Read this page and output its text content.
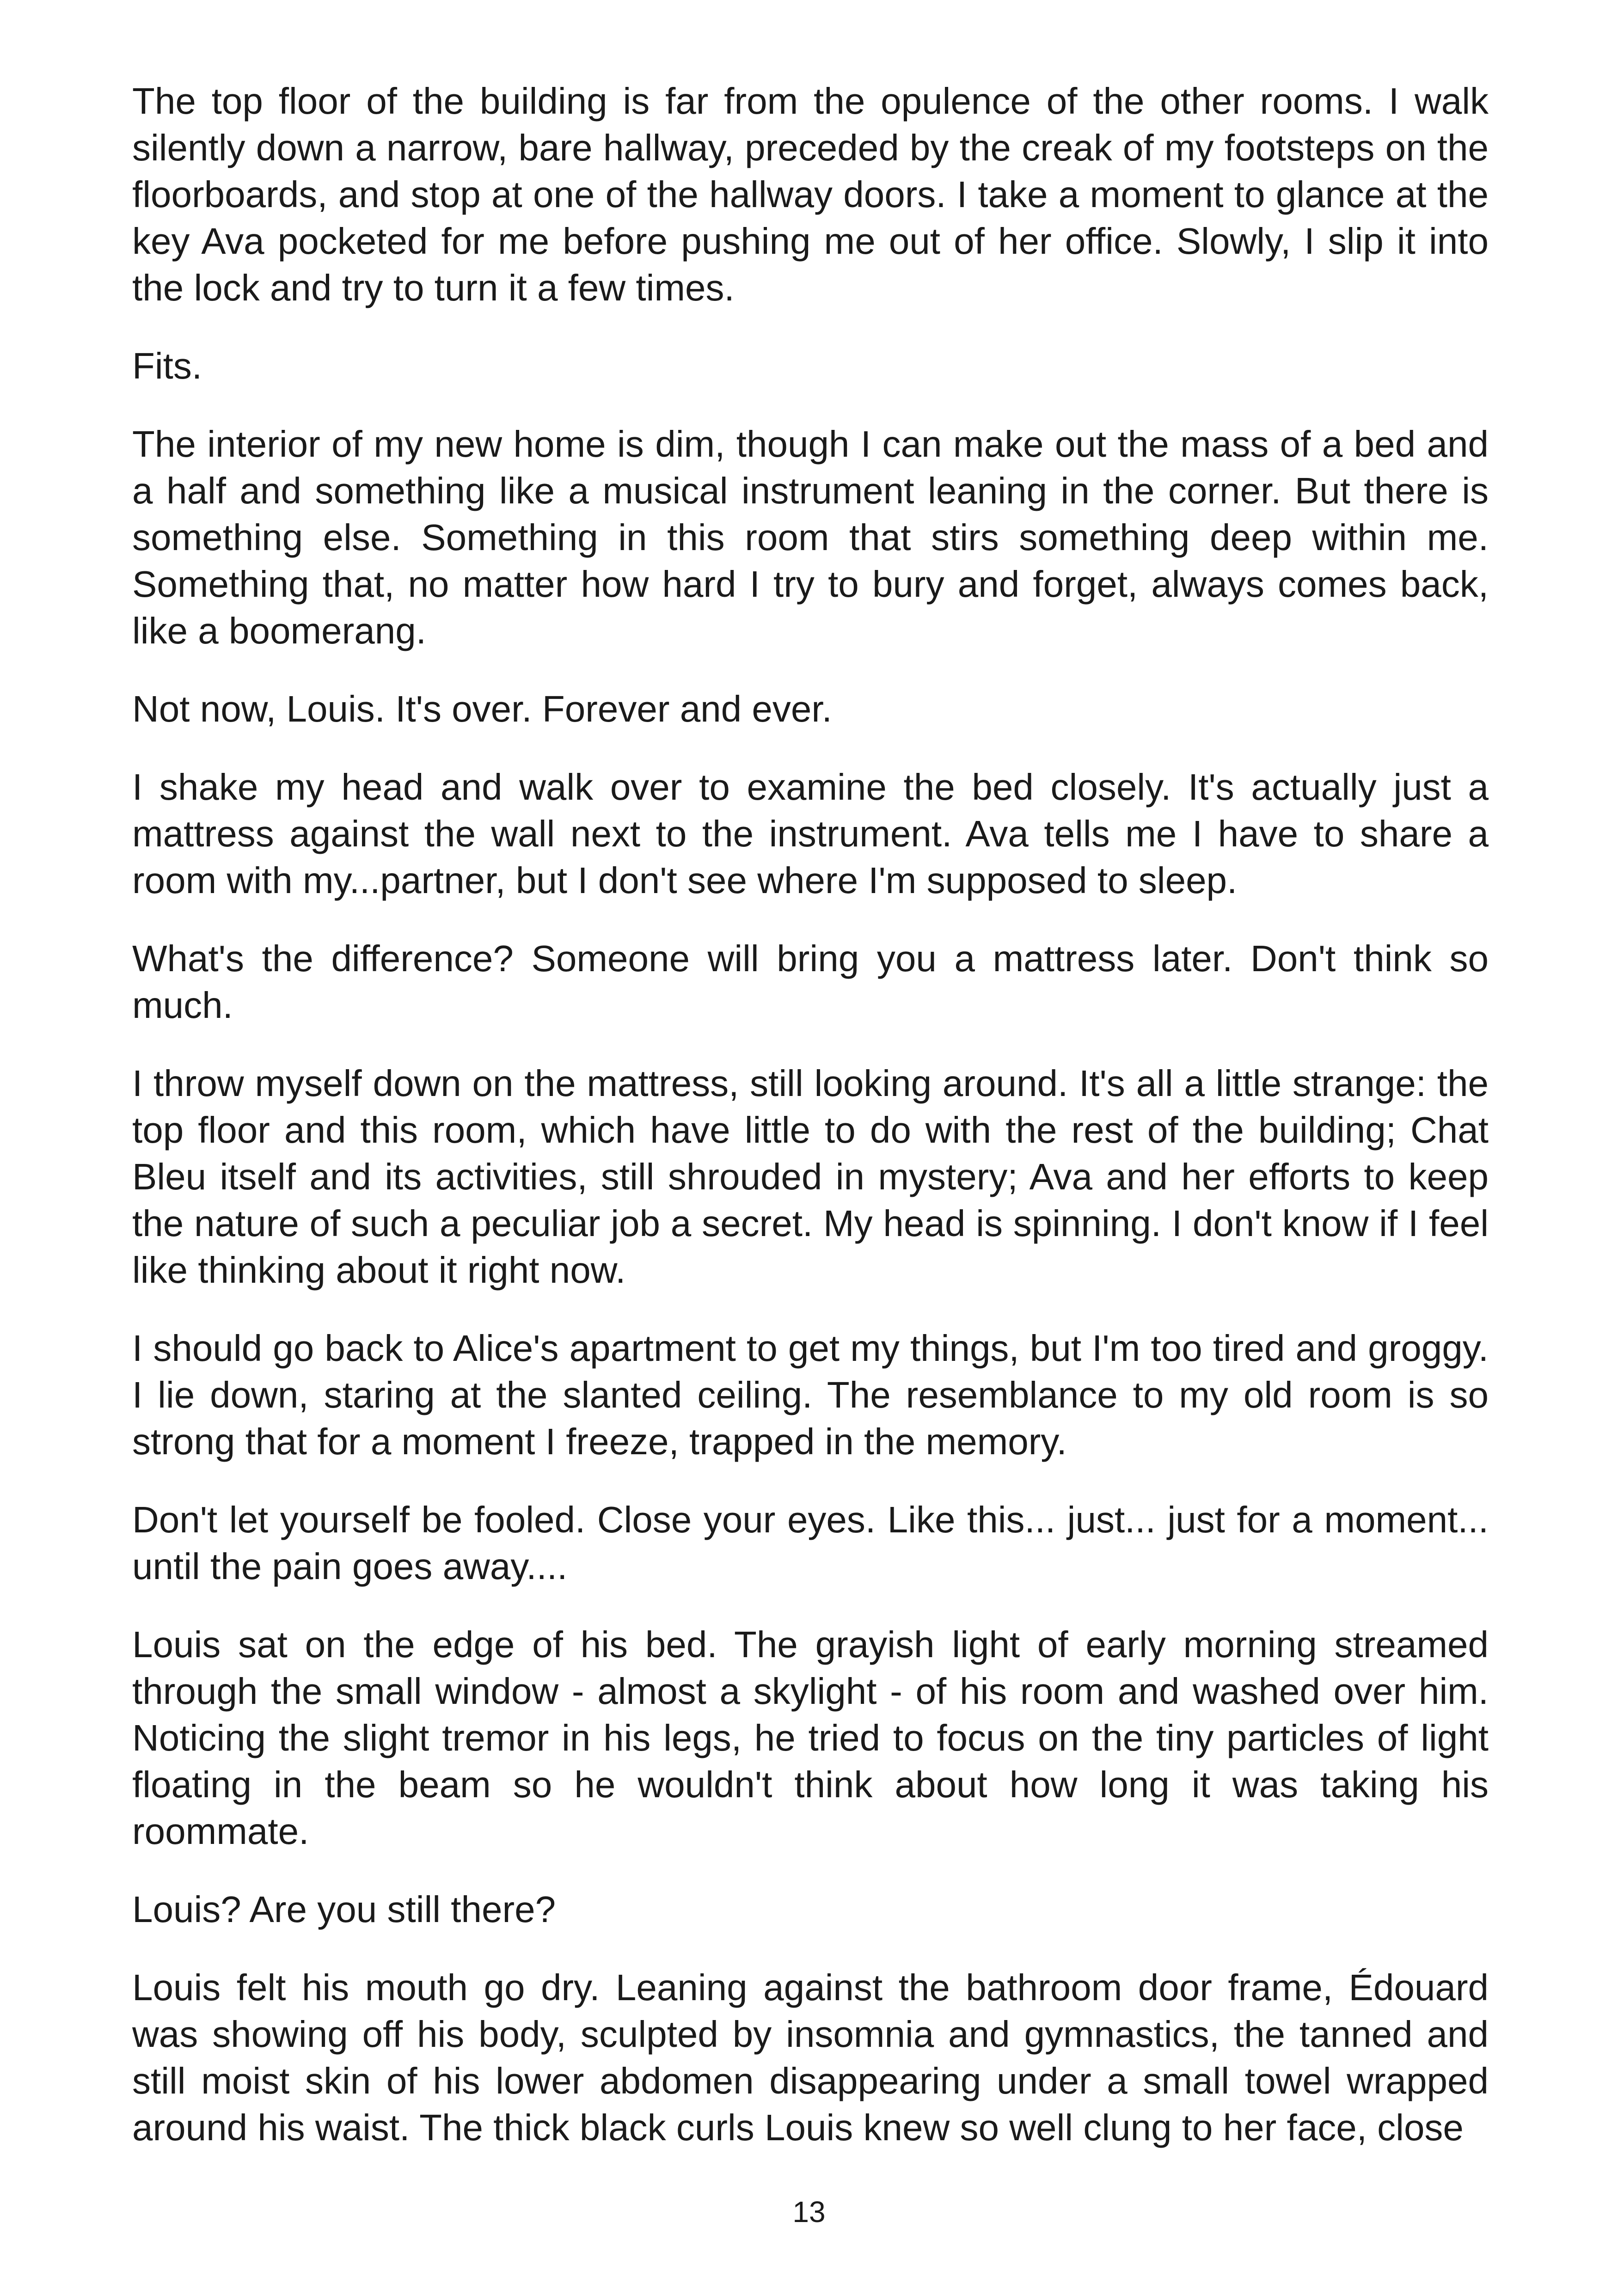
The top floor of the building is far from the opulence of the other rooms. I walk silently down a narrow, bare hallway, preceded by the creak of my footsteps on the floorboards, and stop at one of the hallway doors. I take a moment to glance at the key Ava pocketed for me before pushing me out of her office. Slowly, I slip it into the lock and try to turn it a few times.

Fits.

The interior of my new home is dim, though I can make out the mass of a bed and a half and something like a musical instrument leaning in the corner. But there is something else. Something in this room that stirs something deep within me. Something that, no matter how hard I try to bury and forget, always comes back, like a boomerang.

Not now, Louis. It's over. Forever and ever.

I shake my head and walk over to examine the bed closely. It's actually just a mattress against the wall next to the instrument. Ava tells me I have to share a room with my...partner, but I don't see where I'm supposed to sleep.

What's the difference? Someone will bring you a mattress later. Don't think so much.

I throw myself down on the mattress, still looking around. It's all a little strange: the top floor and this room, which have little to do with the rest of the building; Chat Bleu itself and its activities, still shrouded in mystery; Ava and her efforts to keep the nature of such a peculiar job a secret. My head is spinning. I don't know if I feel like thinking about it right now.

I should go back to Alice's apartment to get my things, but I'm too tired and groggy. I lie down, staring at the slanted ceiling. The resemblance to my old room is so strong that for a moment I freeze, trapped in the memory.

Don't let yourself be fooled. Close your eyes. Like this... just... just for a moment... until the pain goes away....

Louis sat on the edge of his bed. The grayish light of early morning streamed through the small window - almost a skylight - of his room and washed over him. Noticing the slight tremor in his legs, he tried to focus on the tiny particles of light floating in the beam so he wouldn't think about how long it was taking his roommate.

Louis? Are you still there?

Louis felt his mouth go dry. Leaning against the bathroom door frame, Édouard was showing off his body, sculpted by insomnia and gymnastics, the tanned and still moist skin of his lower abdomen disappearing under a small towel wrapped around his waist. The thick black curls Louis knew so well clung to her face, close

13
